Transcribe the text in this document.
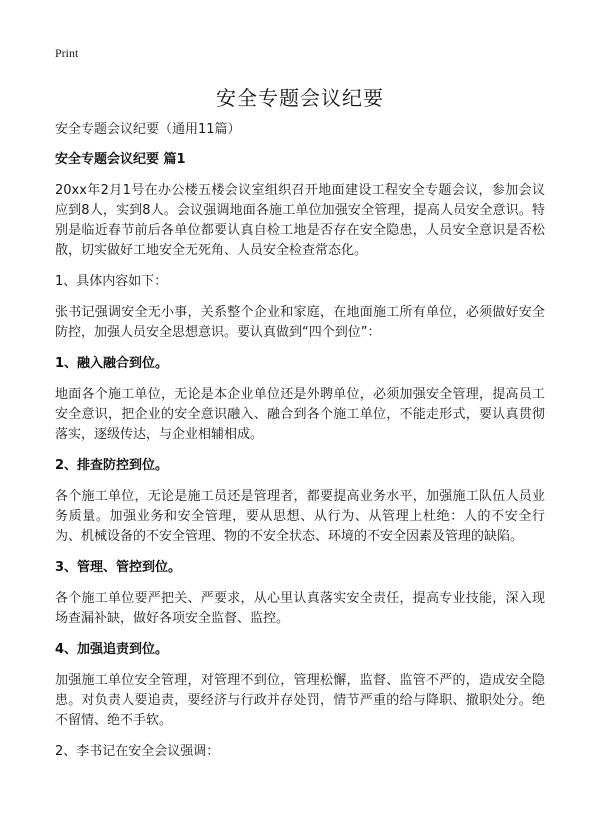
Print
安全专题会议纪要

安全专题会议纪要（通用11篇）

安全专题会议纪要 篇1

20xx年2月1号在办公楼五楼会议室组织召开地面建设工程安全专题会议，参加会议应到8人，实到8人。会议强调地面各施工单位加强安全管理，提高人员安全意识。特别是临近春节前后各单位都要认真自检工地是否存在安全隐患，人员安全意识是否松散，切实做好工地安全无死角、人员安全检查常态化。

1、具体内容如下：

张书记强调安全无小事，关系整个企业和家庭，在地面施工所有单位，必须做好安全防控，加强人员安全思想意识。要认真做到“四个到位”：

1、融入融合到位。

地面各个施工单位，无论是本企业单位还是外聘单位，必须加强安全管理，提高员工安全意识，把企业的安全意识融入、融合到各个施工单位，不能走形式，要认真贯彻落实，逐级传达，与企业相辅相成。

2、排查防控到位。

各个施工单位，无论是施工员还是管理者，都要提高业务水平，加强施工队伍人员业务质量。加强业务和安全管理，要从思想、从行为、从管理上杜绝：人的不安全行为、机械设备的不安全管理、物的不安全状态、环境的不安全因素及管理的缺陷。

3、管理、管控到位。

各个施工单位要严把关、严要求，从心里认真落实安全责任，提高专业技能，深入现场查漏补缺，做好各项安全监督、监控。

4、加强追责到位。

加强施工单位安全管理，对管理不到位，管理松懈，监督、监管不严的，造成安全隐患。对负责人要追责，要经济与行政并存处罚，情节严重的给与降职、撤职处分。绝不留情、绝不手软。

2、李书记在安全会议强调：
